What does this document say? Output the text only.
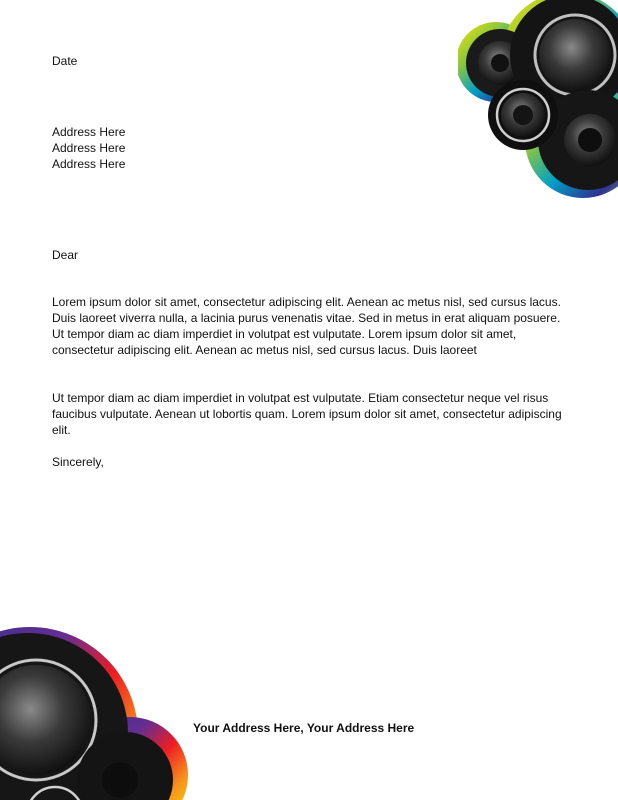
Date

Address Here
Address Here
Address Here

Dear

Lorem ipsum dolor sit amet, consectetur adipiscing elit. Aenean ac metus nisl, sed cursus lacus. Duis laoreet viverra nulla, a lacinia purus venenatis vitae. Sed in metus in erat aliquam posuere. Ut tempor diam ac diam imperdiet in volutpat est vulputate. Lorem ipsum dolor sit amet, consectetur adipiscing elit. Aenean ac metus nisl, sed cursus lacus. Duis laoreet

Ut tempor diam ac diam imperdiet in volutpat est vulputate. Etiam consectetur neque vel risus faucibus vulputate. Aenean ut lobortis quam. Lorem ipsum dolor sit amet, consectetur adipiscing elit.

Sincerely,

Your Address Here, Your Address Here
